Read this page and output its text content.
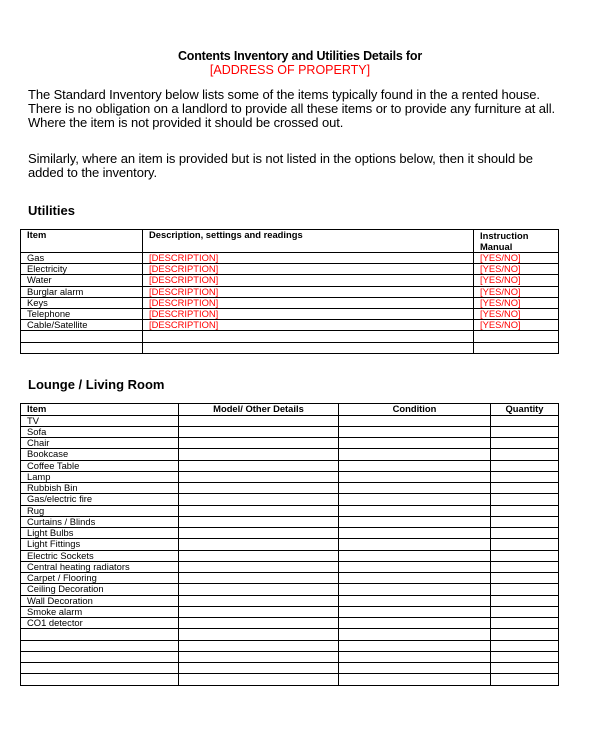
Contents Inventory and Utilities Details for
[ADDRESS OF PROPERTY]
The Standard Inventory below lists some of the items typically found in the a rented house. There is no obligation on a landlord to provide all these items or to provide any furniture at all. Where the item is not provided it should be crossed out.
Similarly, where an item is provided but is not listed in the options below, then it should be added to the inventory.
Utilities
Item	Description, settings and readings	Instruction
Manual
Gas	[DESCRIPTION]	[YES/NO]
Electricity	[DESCRIPTION]	[YES/NO]
Water	[DESCRIPTION]	[YES/NO]
Burglar alarm	[DESCRIPTION]	[YES/NO]
Keys	[DESCRIPTION]	[YES/NO]
Telephone	[DESCRIPTION]	[YES/NO]
Cable/Satellite	[DESCRIPTION]	[YES/NO]

Lounge / Living Room
Item	Model/ Other Details	Condition	Quantity
TV			
Sofa			
Chair			
Bookcase			
Coffee Table			
Lamp			
Rubbish Bin			
Gas/electric fire			
Rug			
Curtains / Blinds			
Light Bulbs			
Light Fittings			
Electric Sockets			
Central heating radiators			
Carpet / Flooring			
Ceiling Decoration			
Wall Decoration			
Smoke alarm			
CO1 detector			
